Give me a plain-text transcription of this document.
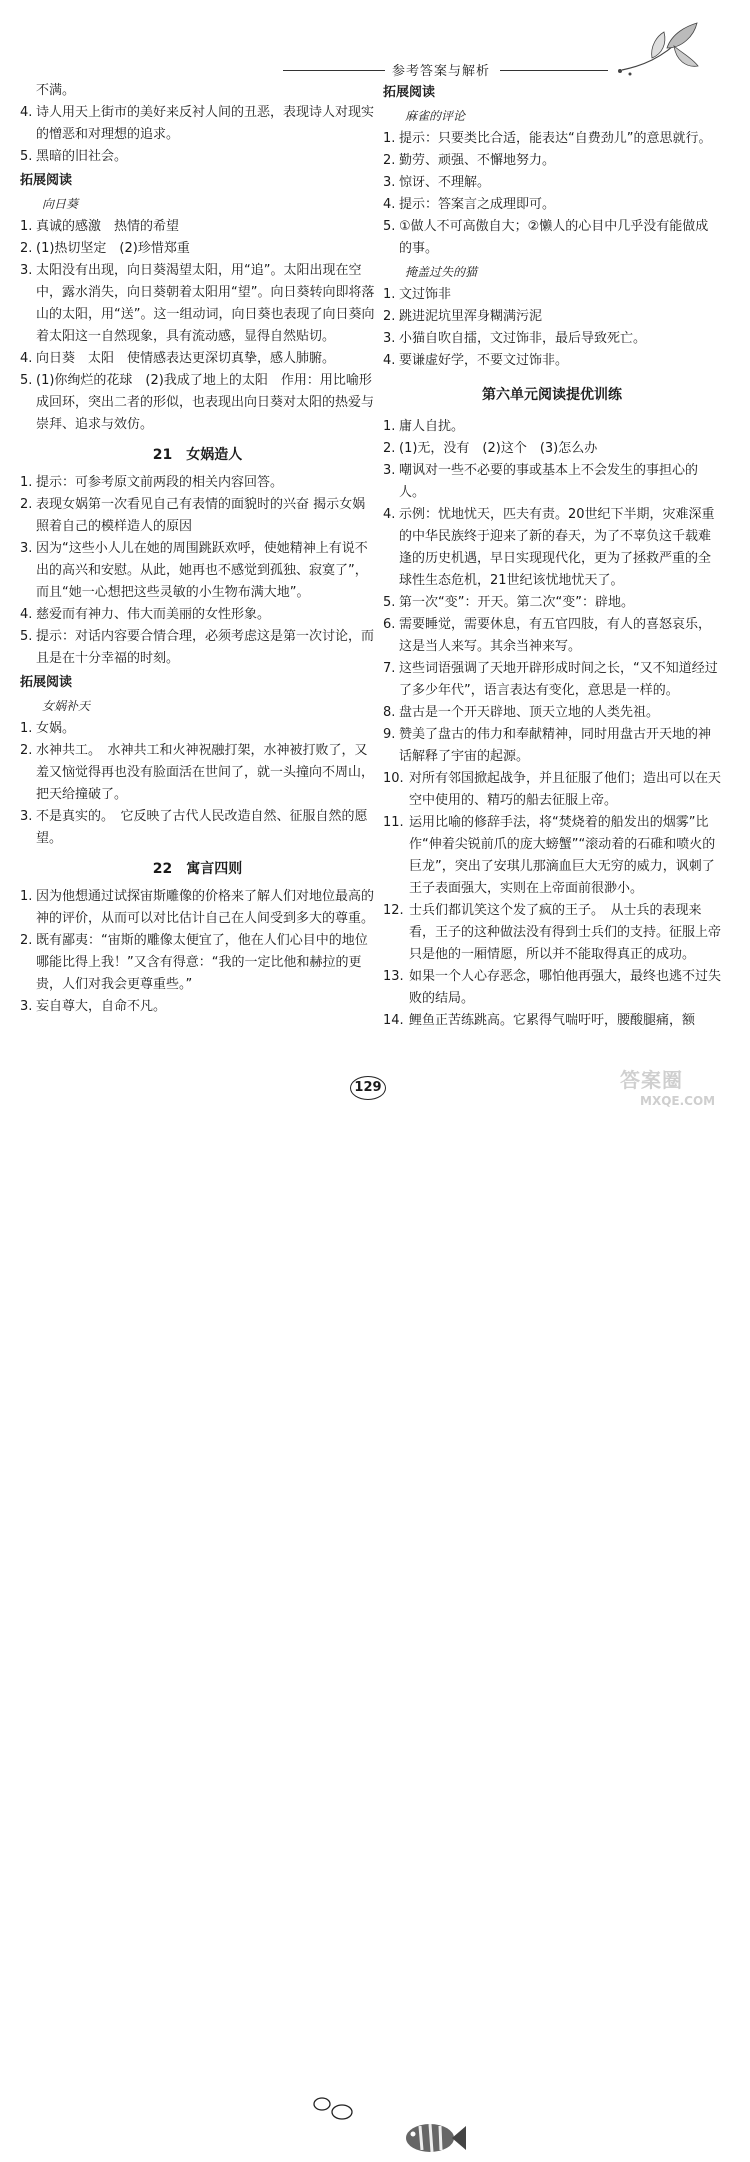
参考答案与解析
不满。
4. 诗人用天上街市的美好来反衬人间的丑恶，表现诗人对现实的憎恶和对理想的追求。
5. 黑暗的旧社会。
拓展阅读
向日葵
1. 真诚的感激　热情的希望
2. (1)热切坚定　(2)珍惜郑重
3. 太阳没有出现，向日葵渴望太阳，用“追”。太阳出现在空中，露水消失，向日葵朝着太阳用“望”。向日葵转向即将落山的太阳，用“送”。这一组动词，向日葵也表现了向日葵向着太阳这一自然现象，具有流动感，显得自然贴切。
4. 向日葵　太阳　使情感表达更深切真挚，感人肺腑。
5. (1)你绚烂的花球　(2)我成了地上的太阳　作用：用比喻形成回环，突出二者的形似，也表现出向日葵对太阳的热爱与崇拜、追求与效仿。
21　女娲造人
1. 提示：可参考原文前两段的相关内容回答。
2. 表现女娲第一次看见自己有表情的面貌时的兴奋 揭示女娲照着自己的模样造人的原因
3. 因为“这些小人儿在她的周围跳跃欢呼，使她精神上有说不出的高兴和安慰。从此，她再也不感觉到孤独、寂寞了”，而且“她一心想把这些灵敏的小生物布满大地”。
4. 慈爱而有神力、伟大而美丽的女性形象。
5. 提示：对话内容要合情合理，必须考虑这是第一次讨论，而且是在十分幸福的时刻。
拓展阅读
女娲补天
1. 女娲。
2. 水神共工。　水神共工和火神祝融打架，水神被打败了，又羞又恼觉得再也没有脸面活在世间了，就一头撞向不周山，把天给撞破了。
3. 不是真实的。　它反映了古代人民改造自然、征服自然的愿望。
22　寓言四则
1. 因为他想通过试探宙斯雕像的价格来了解人们对地位最高的神的评价，从而可以对比估计自己在人间受到多大的尊重。
2. 既有鄙夷：“宙斯的雕像太便宜了，他在人们心目中的地位哪能比得上我！”又含有得意：“我的一定比他和赫拉的更贵，人们对我会更尊重些。”
3. 妄自尊大，自命不凡。
拓展阅读
麻雀的评论
1. 提示：只要类比合适，能表达“自费劲儿”的意思就行。
2. 勤劳、顽强、不懈地努力。
3. 惊讶、不理解。
4. 提示：答案言之成理即可。
5. ①做人不可高傲自大；②懒人的心目中几乎没有能做成的事。
掩盖过失的猫
1. 文过饰非
2. 跳进泥坑里浑身糊满污泥
3. 小猫自吹自擂，文过饰非，最后导致死亡。
4. 要谦虚好学，不要文过饰非。
第六单元阅读提优训练
1. 庸人自扰。
2. (1)无，没有　(2)这个　(3)怎么办
3. 嘲讽对一些不必要的事或基本上不会发生的事担心的人。
4. 示例：忧地忧天，匹夫有责。20世纪下半期，灾难深重的中华民族终于迎来了新的春天，为了不辜负这千载难逢的历史机遇，早日实现现代化，更为了拯救严重的全球性生态危机，21世纪该忧地忧天了。
5. 第一次“变”：开天。第二次“变”：辟地。
6. 需要睡觉，需要休息，有五官四肢，有人的喜怒哀乐，这是当人来写。其余当神来写。
7. 这些词语强调了天地开辟形成时间之长，“又不知道经过了多少年代”，语言表达有变化，意思是一样的。
8. 盘古是一个开天辟地、顶天立地的人类先祖。
9. 赞美了盘古的伟力和奉献精神，同时用盘古开天地的神话解释了宇宙的起源。
10. 对所有邻国掀起战争，并且征服了他们；造出可以在天空中使用的、精巧的船去征服上帝。
11. 运用比喻的修辞手法，将“焚烧着的船发出的烟雾”比作“伸着尖锐前爪的庞大螃蟹”“滚动着的石碓和喷火的巨龙”，突出了安琪儿那滴血巨大无穷的威力，讽刺了王子表面强大，实则在上帝面前很渺小。
12. 士兵们都讥笑这个发了疯的王子。　从士兵的表现来看，王子的这种做法没有得到士兵们的支持。征服上帝只是他的一厢情愿，所以并不能取得真正的成功。
13. 如果一个人心存恶念，哪怕他再强大，最终也逃不过失败的结局。
14. 鲤鱼正苦练跳高。它累得气喘吁吁，腰酸腿痛，额
129	答案圈
MXQE.COM
